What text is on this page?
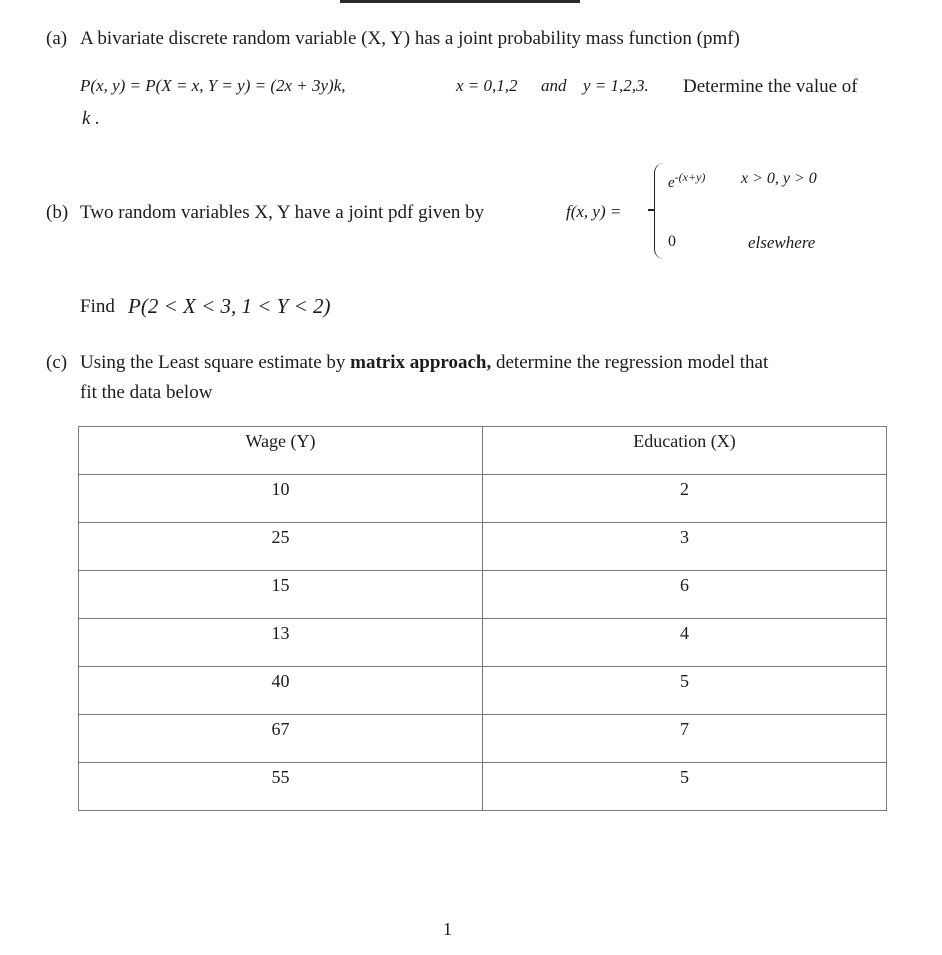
(a) A bivariate discrete random variable (X, Y) has a joint probability mass function (pmf)
P(x, y) = P(X = x, Y = y) = (2x + 3y)k,	x = 0,1,2 and y = 1,2,3. Determine the value of
k .
(b) Two random variables X, Y have a joint pdf given by	f(x, y) =
$e^{-(x+y)}$ x > 0, y > 0
0	elsewhere
Find P(2 < X < 3, 1 < Y < 2)
(c) Using the Least square estimate by matrix approach, determine the regression model that
fit the data below
Wage (Y)	Education (X)
10	2
25	3
15	6
13	4
40	5
67	7
55	5
1
